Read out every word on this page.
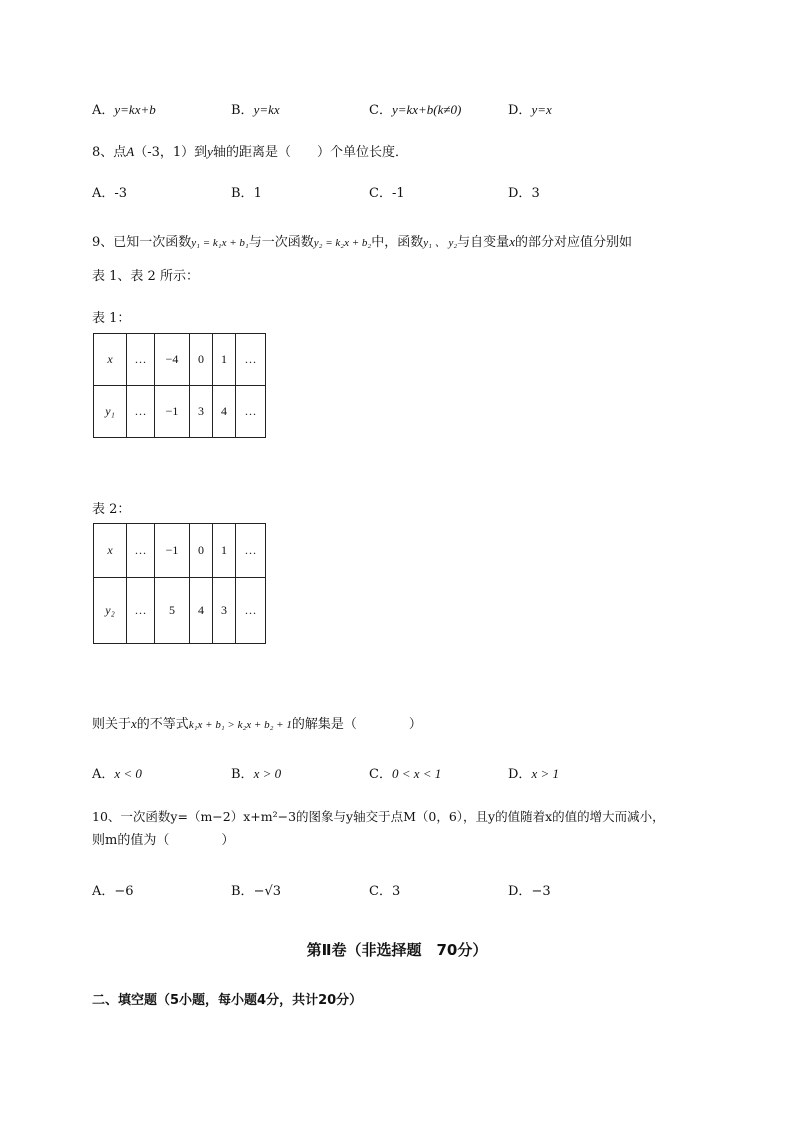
A．y=kx+b	B．y=kx	C．y=kx+b(k≠0)	D．y=x
8、点A（-3，1）到y轴的距离是（　　）个单位长度．
A．-3	B．1	C．-1	D．3
9、已知一次函数y₁ = k₁x + b₁与一次函数y₂ = k₂x + b₂中，函数y₁ 、 y₂与自变量x的部分对应值分别如
表 1、表 2 所示：
表 1：
x	…	−4	0	1	…
y₁	…	−1	3	4	…
表 2：
x	…	−1	0	1	…
y₂	…	5	4	3	…
则关于x的不等式k₁x + b₁ > k₂x + b₂ + 1的解集是（　　　　）
A．x < 0	B．x > 0	C．0 < x < 1	D．x > 1
10、一次函数y=（m−2）x+m²−3的图象与y轴交于点M（0，6），且y的值随着x的值的增大而减小，
则m的值为（　　　　）
A．−6	B．−√3	C．3	D．−3
第Ⅱ卷（非选择题　70分）
二、填空题（5小题，每小题4分，共计20分）
